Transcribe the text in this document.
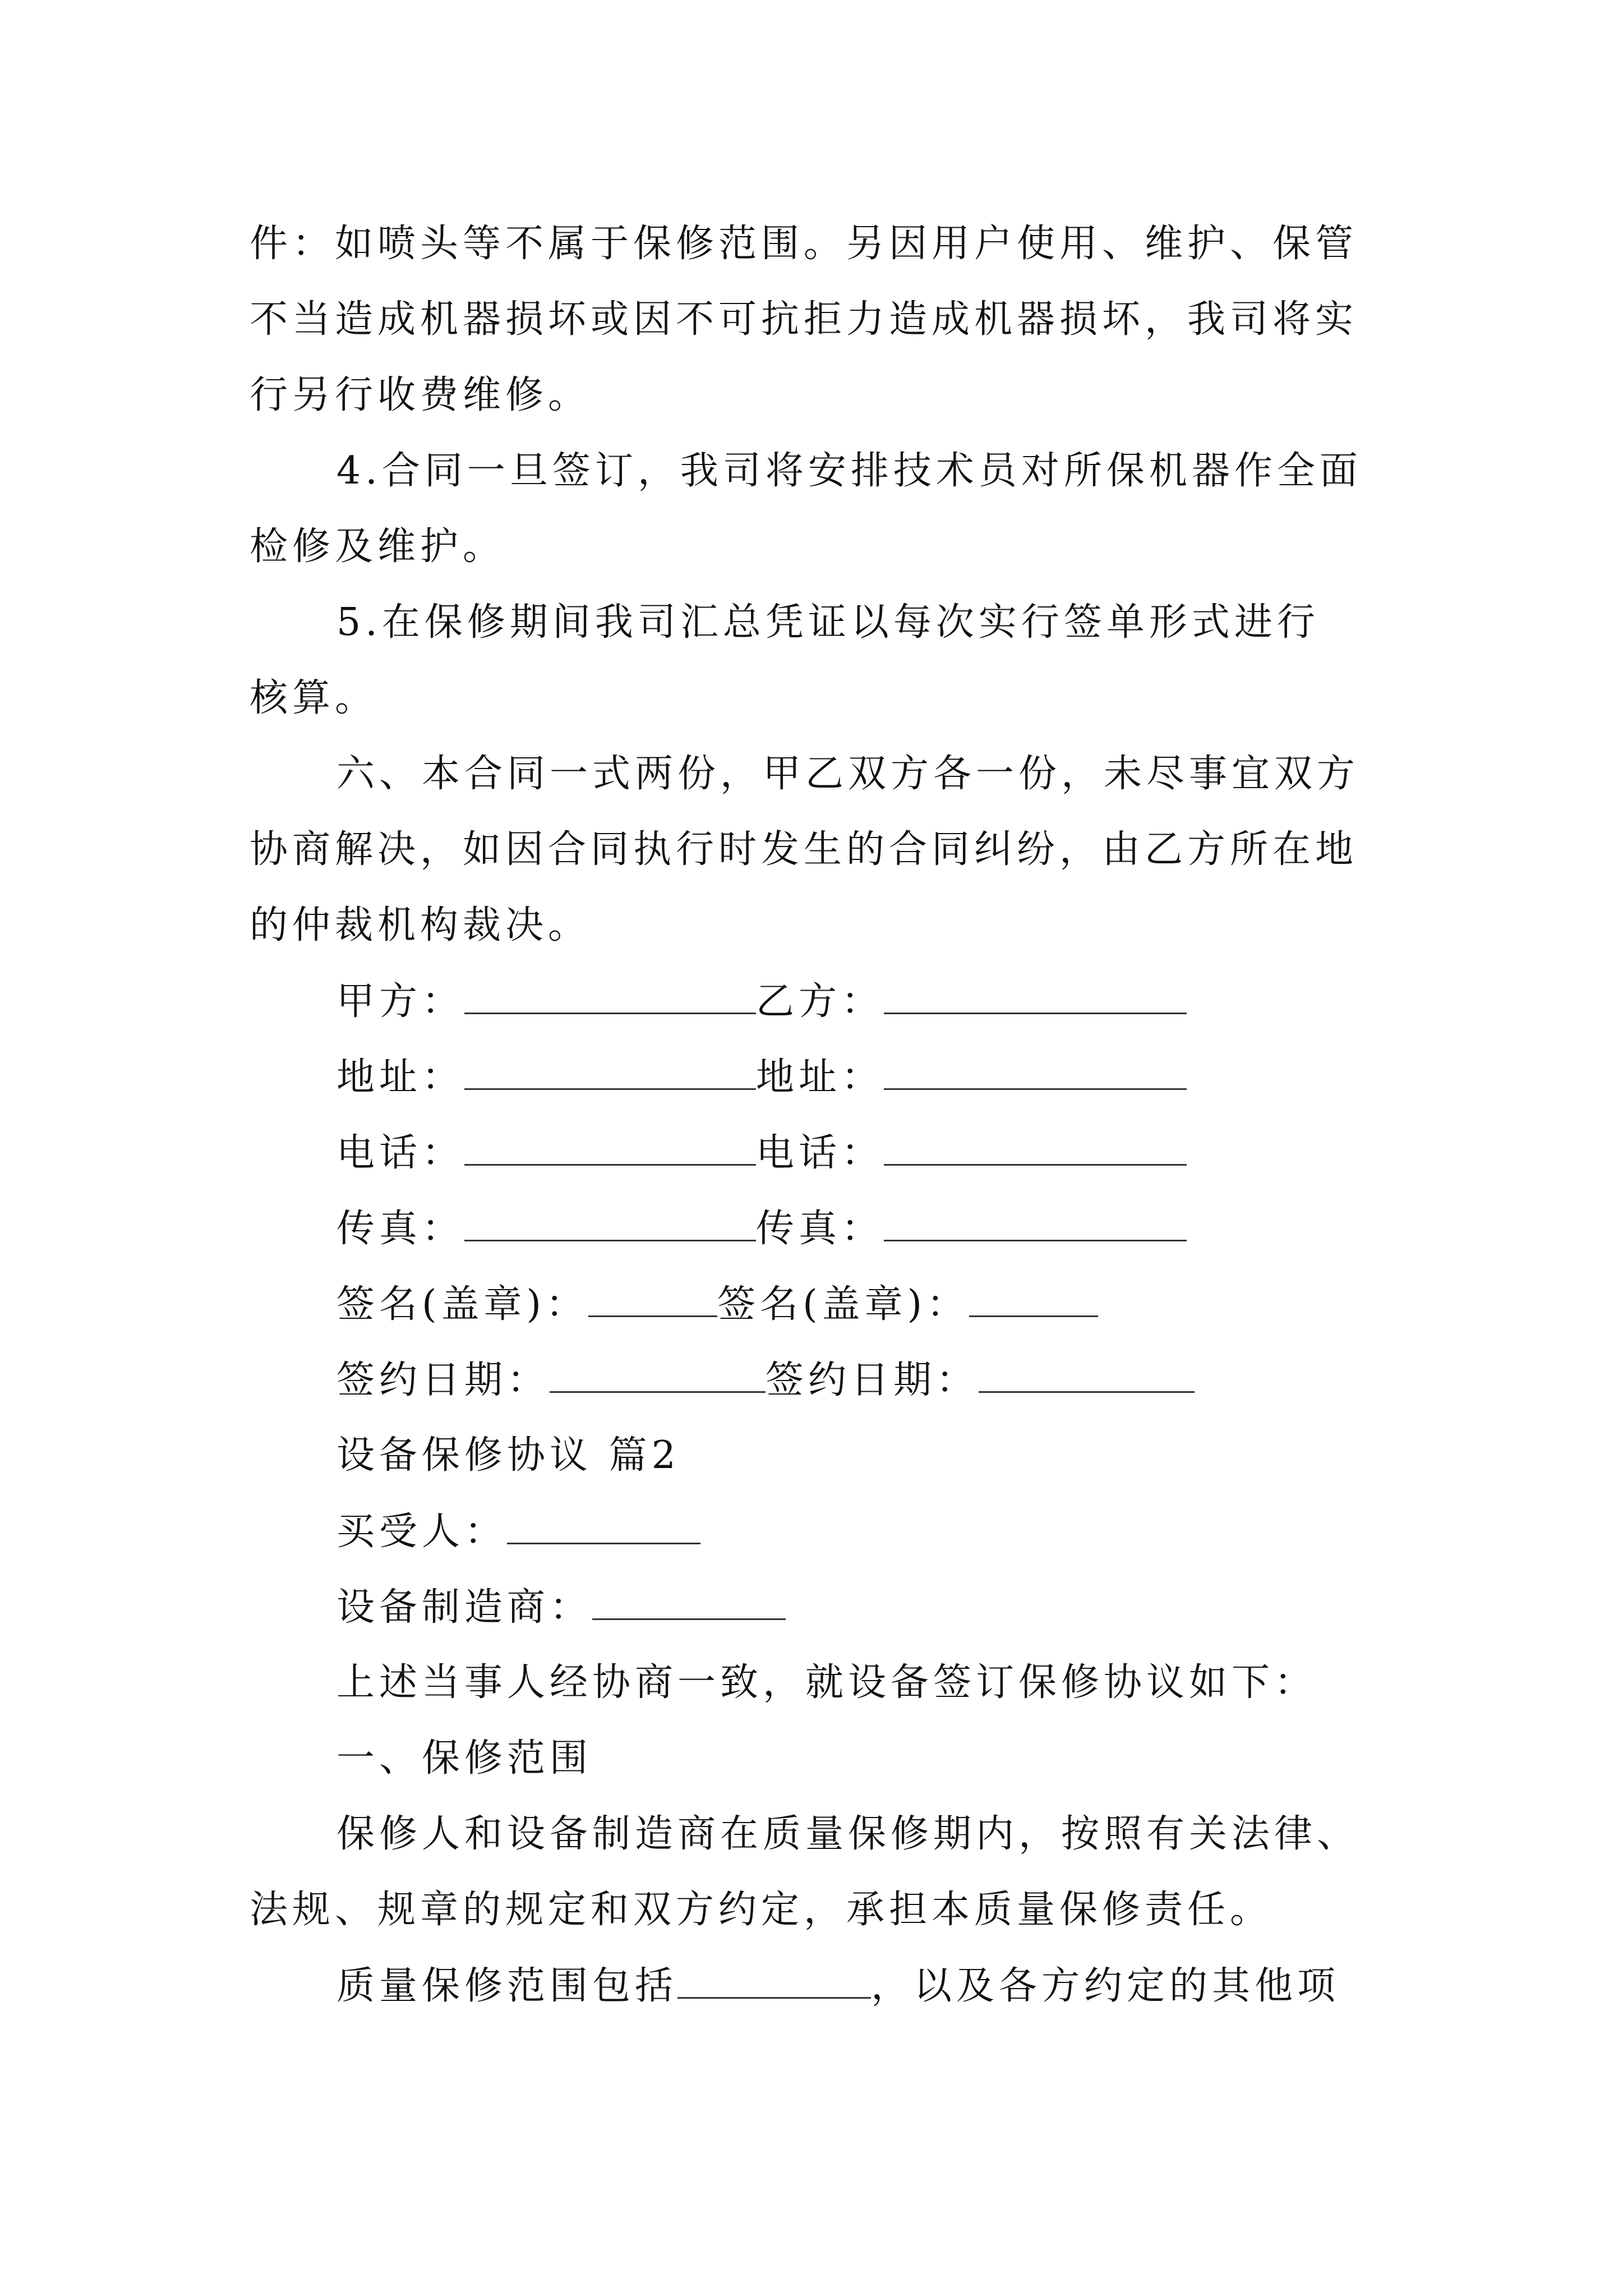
件：如喷头等不属于保修范围。另因用户使用、维护、保管
不当造成机器损坏或因不可抗拒力造成机器损坏，我司将实
行另行收费维修。
4.合同一旦签订，我司将安排技术员对所保机器作全面
检修及维护。
5.在保修期间我司汇总凭证以每次实行签单形式进行
核算。
六、本合同一式两份，甲乙双方各一份，未尽事宜双方
协商解决，如因合同执行时发生的合同纠纷，由乙方所在地
的仲裁机构裁决。
甲方：	乙方：
地址：	地址：
电话：	电话：
传真：	传真：
签名(盖章)：	签名(盖章)：
签约日期：	签约日期：
设备保修协议 篇2
买受人：
设备制造商：
上述当事人经协商一致，就设备签订保修协议如下：
一、保修范围
保修人和设备制造商在质量保修期内，按照有关法律、
法规、规章的规定和双方约定，承担本质量保修责任。
质量保修范围包括	，以及各方约定的其他项
